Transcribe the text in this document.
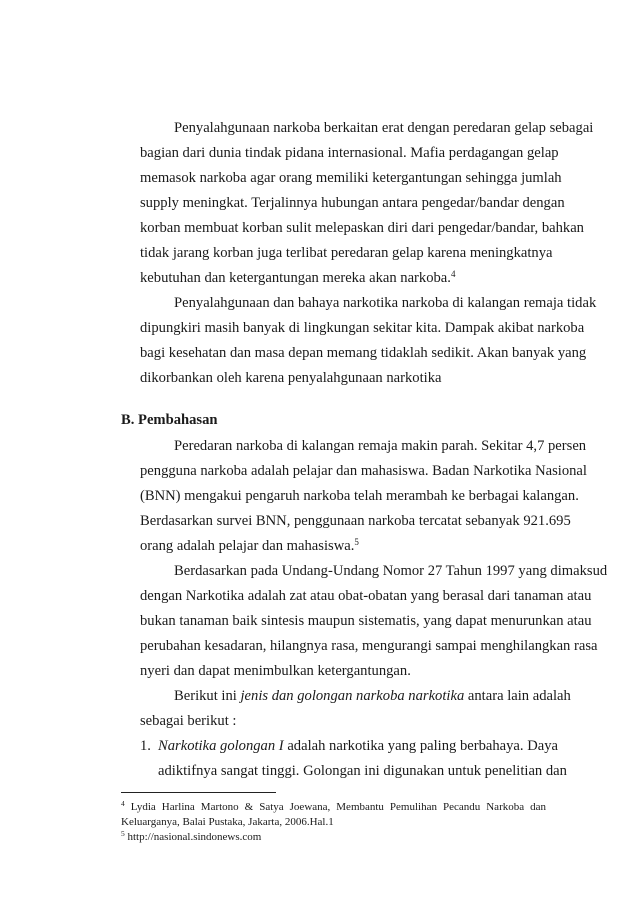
Penyalahgunaan narkoba berkaitan erat dengan peredaran gelap sebagai
bagian dari dunia tindak pidana internasional. Mafia perdagangan gelap
memasok narkoba agar orang memiliki ketergantungan sehingga jumlah
supply meningkat. Terjalinnya hubungan antara pengedar/bandar dengan
korban membuat korban sulit melepaskan diri dari pengedar/bandar, bahkan
tidak jarang korban juga terlibat peredaran gelap karena meningkatnya
kebutuhan dan ketergantungan mereka akan narkoba.$^4$
Penyalahgunaan dan bahaya narkotika narkoba di kalangan remaja tidak
dipungkiri masih banyak di lingkungan sekitar kita. Dampak akibat narkoba
bagi kesehatan dan masa depan memang tidaklah sedikit. Akan banyak yang
dikorbankan oleh karena penyalahgunaan narkotika
B. Pembahasan
Peredaran narkoba di kalangan remaja makin parah. Sekitar 4,7 persen
pengguna narkoba adalah pelajar dan mahasiswa. Badan Narkotika Nasional
(BNN) mengakui pengaruh narkoba telah merambah ke berbagai kalangan.
Berdasarkan survei BNN, penggunaan narkoba tercatat sebanyak 921.695
orang adalah pelajar dan mahasiswa.$^5$
Berdasarkan pada Undang-Undang Nomor 27 Tahun 1997 yang dimaksud
dengan Narkotika adalah zat atau obat-obatan yang berasal dari tanaman atau
bukan tanaman baik sintesis maupun sistematis, yang dapat menurunkan atau
perubahan kesadaran, hilangnya rasa, mengurangi sampai menghilangkan rasa
nyeri dan dapat menimbulkan ketergantungan.
Berikut ini jenis dan golongan narkoba narkotika antara lain adalah
sebagai berikut :
1. Narkotika golongan I adalah narkotika yang paling berbahaya. Daya
adiktifnya sangat tinggi. Golongan ini digunakan untuk penelitian dan
$^4$ Lydia Harlina Martono & Satya Joewana, Membantu Pemulihan Pecandu Narkoba dan
Keluarganya, Balai Pustaka, Jakarta, 2006.Hal.1
$^5$ http://nasional.sindonews.com
